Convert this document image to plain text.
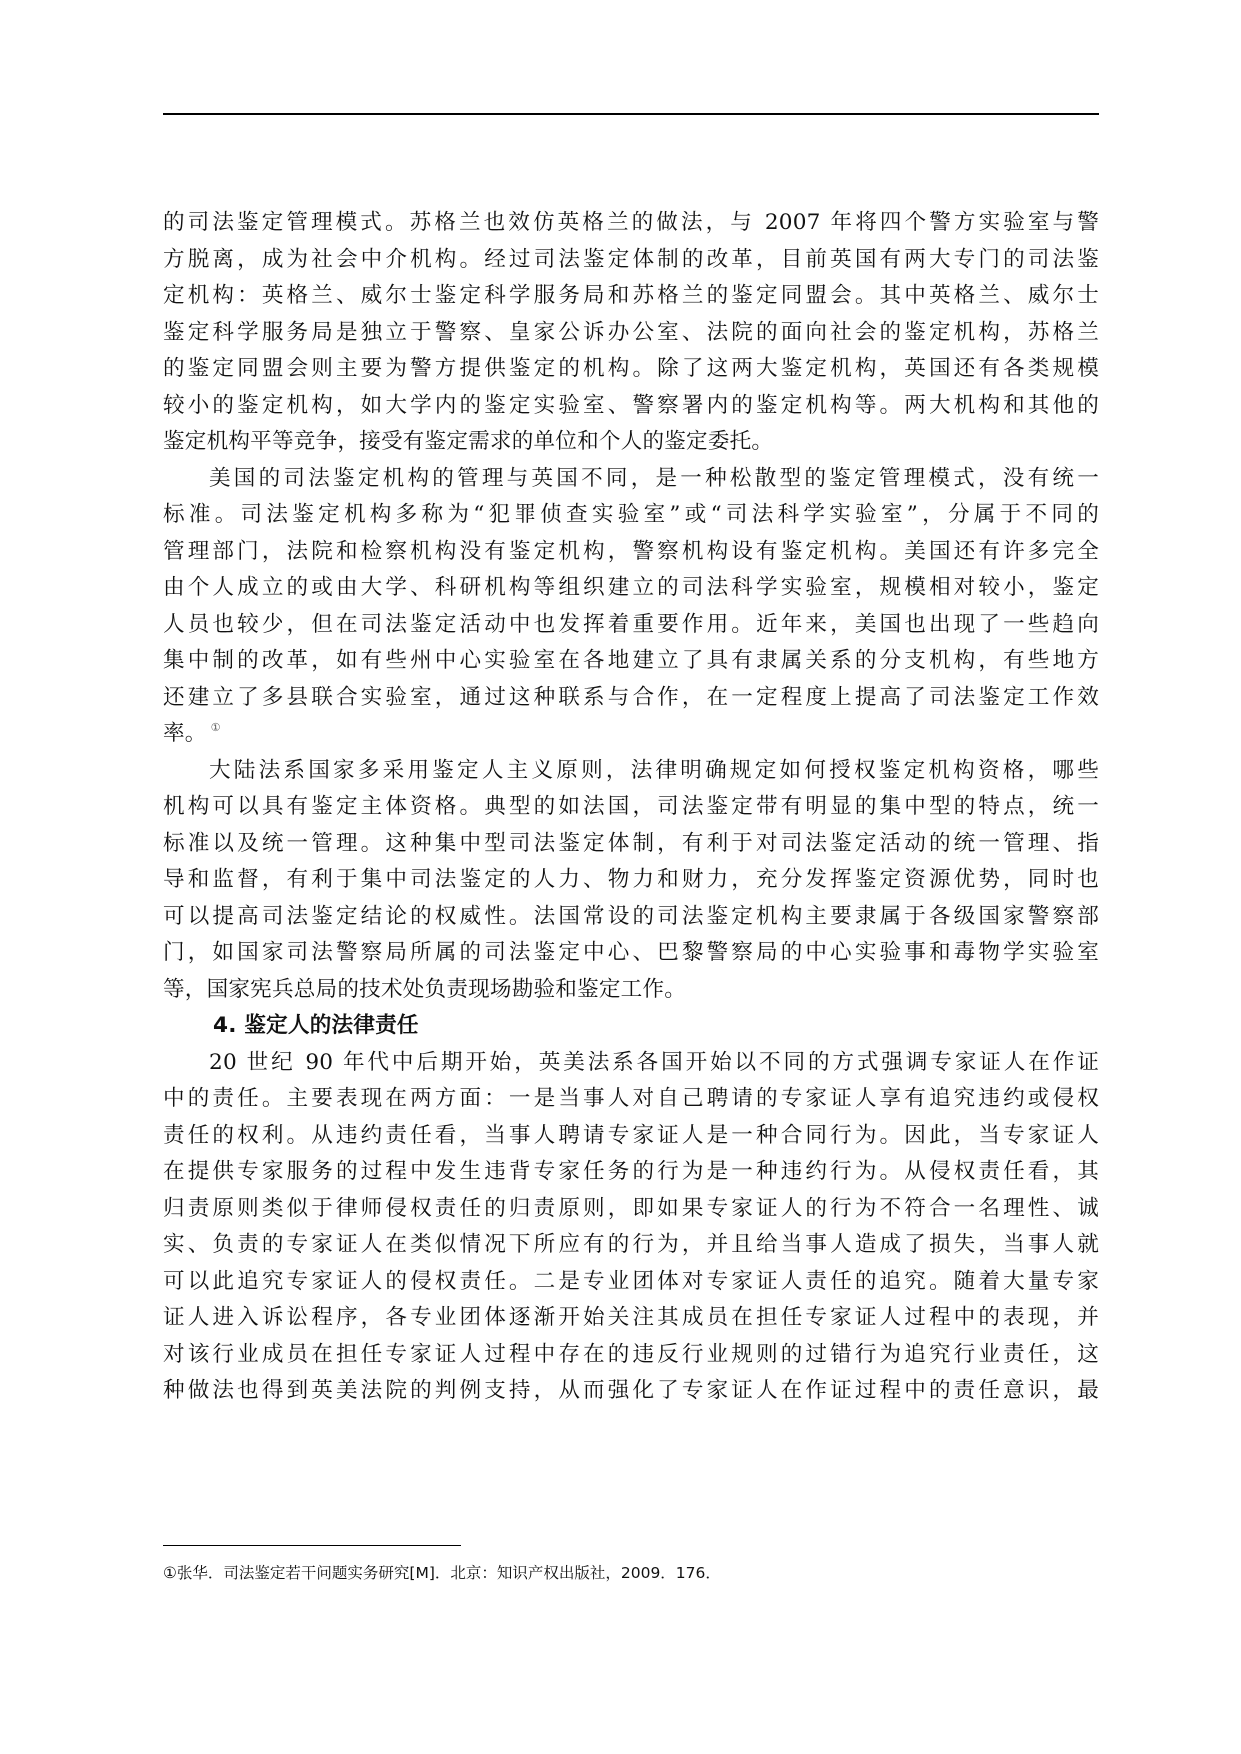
的司法鉴定管理模式。苏格兰也效仿英格兰的做法，与 2007 年将四个警方实验室与警
方脱离，成为社会中介机构。经过司法鉴定体制的改革，目前英国有两大专门的司法鉴
定机构：英格兰、威尔士鉴定科学服务局和苏格兰的鉴定同盟会。其中英格兰、威尔士
鉴定科学服务局是独立于警察、皇家公诉办公室、法院的面向社会的鉴定机构，苏格兰
的鉴定同盟会则主要为警方提供鉴定的机构。除了这两大鉴定机构，英国还有各类规模
较小的鉴定机构，如大学内的鉴定实验室、警察署内的鉴定机构等。两大机构和其他的
鉴定机构平等竞争，接受有鉴定需求的单位和个人的鉴定委托。
美国的司法鉴定机构的管理与英国不同，是一种松散型的鉴定管理模式，没有统一
标准。司法鉴定机构多称为“犯罪侦查实验室”或“司法科学实验室”，分属于不同的
管理部门，法院和检察机构没有鉴定机构，警察机构设有鉴定机构。美国还有许多完全
由个人成立的或由大学、科研机构等组织建立的司法科学实验室，规模相对较小，鉴定
人员也较少，但在司法鉴定活动中也发挥着重要作用。近年来，美国也出现了一些趋向
集中制的改革，如有些州中心实验室在各地建立了具有隶属关系的分支机构，有些地方
还建立了多县联合实验室，通过这种联系与合作，在一定程度上提高了司法鉴定工作效
率。 ①
大陆法系国家多采用鉴定人主义原则，法律明确规定如何授权鉴定机构资格，哪些
机构可以具有鉴定主体资格。典型的如法国，司法鉴定带有明显的集中型的特点，统一
标准以及统一管理。这种集中型司法鉴定体制，有利于对司法鉴定活动的统一管理、指
导和监督，有利于集中司法鉴定的人力、物力和财力，充分发挥鉴定资源优势，同时也
可以提高司法鉴定结论的权威性。法国常设的司法鉴定机构主要隶属于各级国家警察部
门，如国家司法警察局所属的司法鉴定中心、巴黎警察局的中心实验事和毒物学实验室
等，国家宪兵总局的技术处负责现场勘验和鉴定工作。
4. 鉴定人的法律责任
20 世纪 90 年代中后期开始，英美法系各国开始以不同的方式强调专家证人在作证
中的责任。主要表现在两方面：一是当事人对自己聘请的专家证人享有追究违约或侵权
责任的权利。从违约责任看，当事人聘请专家证人是一种合同行为。因此，当专家证人
在提供专家服务的过程中发生违背专家任务的行为是一种违约行为。从侵权责任看，其
归责原则类似于律师侵权责任的归责原则，即如果专家证人的行为不符合一名理性、诚
实、负责的专家证人在类似情况下所应有的行为，并且给当事人造成了损失，当事人就
可以此追究专家证人的侵权责任。二是专业团体对专家证人责任的追究。随着大量专家
证人进入诉讼程序，各专业团体逐渐开始关注其成员在担任专家证人过程中的表现，并
对该行业成员在担任专家证人过程中存在的违反行业规则的过错行为追究行业责任，这
种做法也得到英美法院的判例支持，从而强化了专家证人在作证过程中的责任意识，最
①张华．司法鉴定若干问题实务研究[M]．北京：知识产权出版社，2009．176．
